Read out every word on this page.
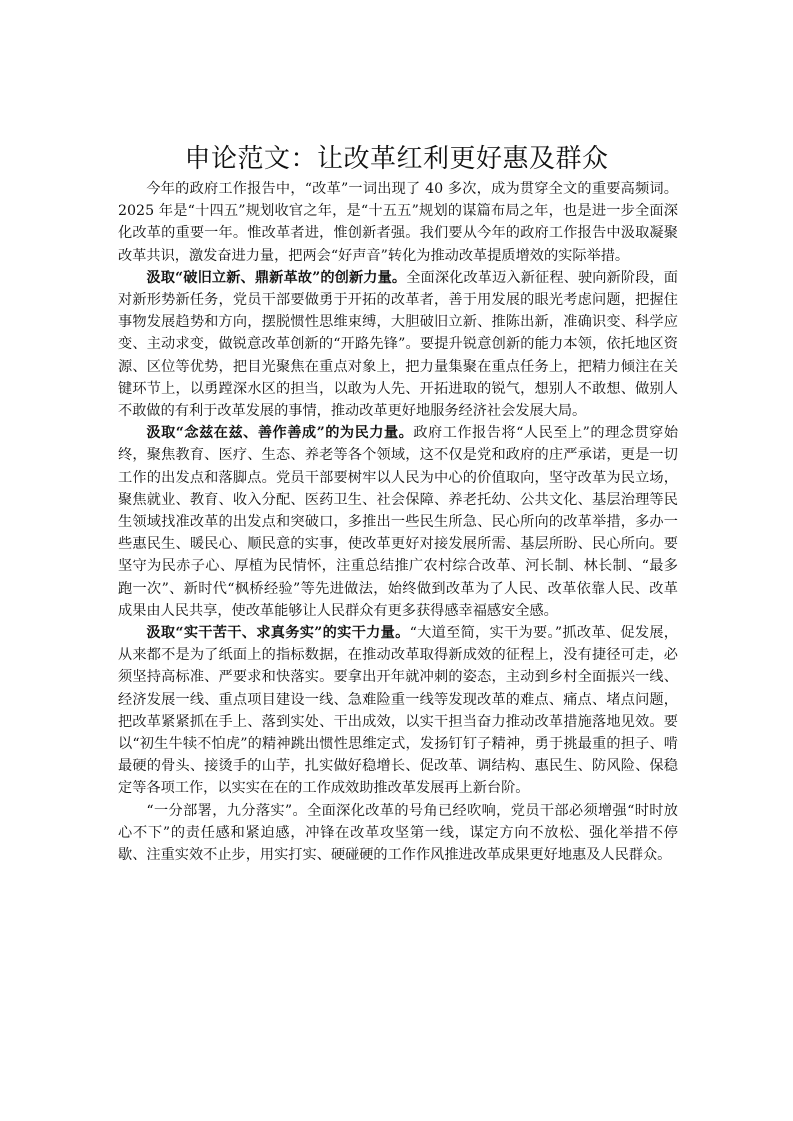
申论范文：让改革红利更好惠及群众

今年的政府工作报告中，“改革”一词出现了 40 多次，成为贯穿全文的重要高频词。2025 年是“十四五”规划收官之年，是“十五五”规划的谋篇布局之年，也是进一步全面深化改革的重要一年。惟改革者进，惟创新者强。我们要从今年的政府工作报告中汲取凝聚改革共识，激发奋进力量，把两会“好声音”转化为推动改革提质增效的实际举措。

汲取“破旧立新、鼎新革故”的创新力量。全面深化改革迈入新征程、驶向新阶段，面对新形势新任务，党员干部要做勇于开拓的改革者，善于用发展的眼光考虑问题，把握住事物发展趋势和方向，摆脱惯性思维束缚，大胆破旧立新、推陈出新，准确识变、科学应变、主动求变，做锐意改革创新的“开路先锋”。要提升锐意创新的能力本领，依托地区资源、区位等优势，把目光聚焦在重点对象上，把力量集聚在重点任务上，把精力倾注在关键环节上，以勇蹚深水区的担当，以敢为人先、开拓进取的锐气，想别人不敢想、做别人不敢做的有利于改革发展的事情，推动改革更好地服务经济社会发展大局。

汲取“念兹在兹、善作善成”的为民力量。政府工作报告将“人民至上”的理念贯穿始终，聚焦教育、医疗、生态、养老等各个领域，这不仅是党和政府的庄严承诺，更是一切工作的出发点和落脚点。党员干部要树牢以人民为中心的价值取向，坚守改革为民立场，聚焦就业、教育、收入分配、医药卫生、社会保障、养老托幼、公共文化、基层治理等民生领域找准改革的出发点和突破口，多推出一些民生所急、民心所向的改革举措，多办一些惠民生、暖民心、顺民意的实事，使改革更好对接发展所需、基层所盼、民心所向。要坚守为民赤子心、厚植为民情怀，注重总结推广农村综合改革、河长制、林长制、“最多跑一次”、新时代“枫桥经验”等先进做法，始终做到改革为了人民、改革依靠人民、改革成果由人民共享，使改革能够让人民群众有更多获得感幸福感安全感。

汲取“实干苦干、求真务实”的实干力量。“大道至简，实干为要。”抓改革、促发展，从来都不是为了纸面上的指标数据，在推动改革取得新成效的征程上，没有捷径可走，必须坚持高标准、严要求和快落实。要拿出开年就冲刺的姿态，主动到乡村全面振兴一线、经济发展一线、重点项目建设一线、急难险重一线等发现改革的难点、痛点、堵点问题，把改革紧紧抓在手上、落到实处、干出成效，以实干担当奋力推动改革措施落地见效。要以“初生牛犊不怕虎”的精神跳出惯性思维定式，发扬钉钉子精神，勇于挑最重的担子、啃最硬的骨头、接烫手的山芋，扎实做好稳增长、促改革、调结构、惠民生、防风险、保稳定等各项工作，以实实在在的工作成效助推改革发展再上新台阶。

“一分部署，九分落实”。全面深化改革的号角已经吹响，党员干部必须增强“时时放心不下”的责任感和紧迫感，冲锋在改革攻坚第一线，谋定方向不放松、强化举措不停歇、注重实效不止步，用实打实、硬碰硬的工作作风推进改革成果更好地惠及人民群众。
